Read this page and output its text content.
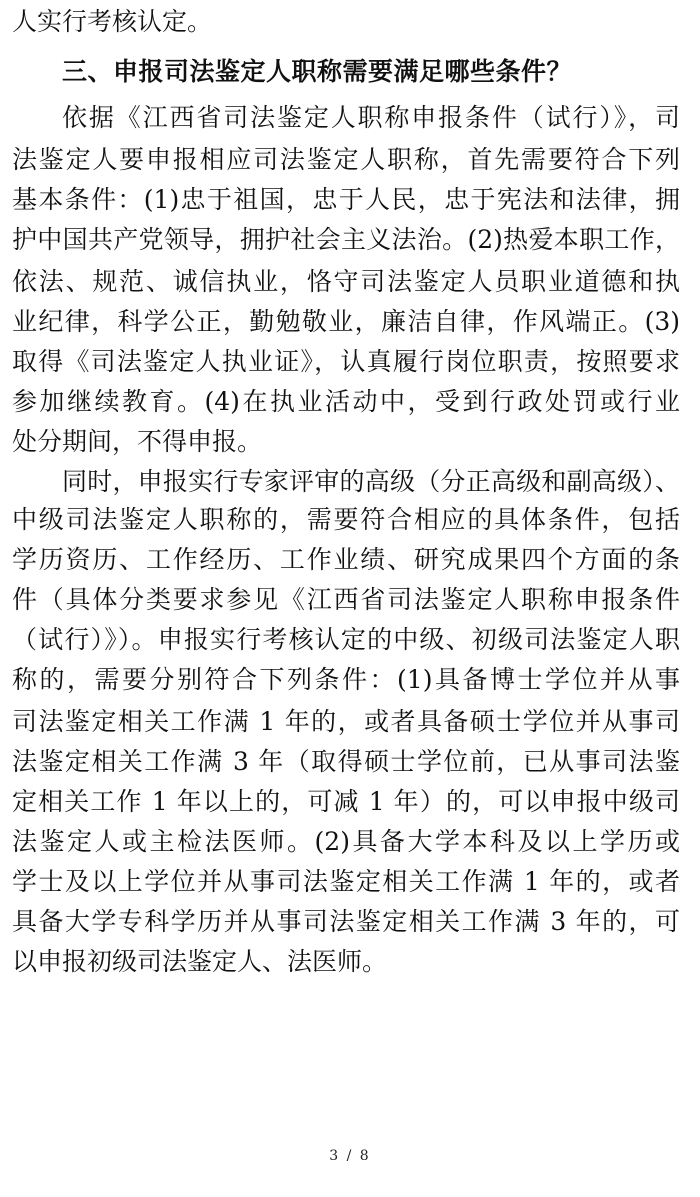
人实行考核认定。
三、申报司法鉴定人职称需要满足哪些条件？
依据《江西省司法鉴定人职称申报条件（试行）》，司
法鉴定人要申报相应司法鉴定人职称，首先需要符合下列
基本条件：(1)忠于祖国，忠于人民，忠于宪法和法律，拥
护中国共产党领导，拥护社会主义法治。(2)热爱本职工作，
依法、规范、诚信执业，恪守司法鉴定人员职业道德和执
业纪律，科学公正，勤勉敬业，廉洁自律，作风端正。(3)
取得《司法鉴定人执业证》，认真履行岗位职责，按照要求
参加继续教育。(4)在执业活动中，受到行政处罚或行业
处分期间，不得申报。
同时，申报实行专家评审的高级（分正高级和副高级）、
中级司法鉴定人职称的，需要符合相应的具体条件，包括
学历资历、工作经历、工作业绩、研究成果四个方面的条
件（具体分类要求参见《江西省司法鉴定人职称申报条件
（试行）》）。申报实行考核认定的中级、初级司法鉴定人职
称的，需要分别符合下列条件：(1)具备博士学位并从事
司法鉴定相关工作满 1 年的，或者具备硕士学位并从事司
法鉴定相关工作满 3 年（取得硕士学位前，已从事司法鉴
定相关工作 1 年以上的，可减 1 年）的，可以申报中级司
法鉴定人或主检法医师。(2)具备大学本科及以上学历或
学士及以上学位并从事司法鉴定相关工作满 1 年的，或者
具备大学专科学历并从事司法鉴定相关工作满 3 年的，可
以申报初级司法鉴定人、法医师。
3 / 8
